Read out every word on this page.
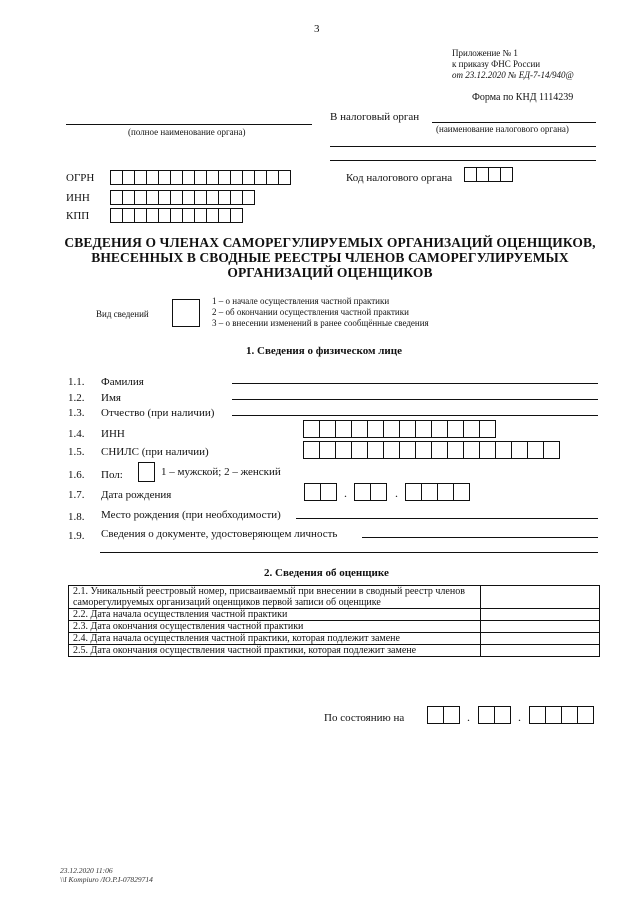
3
Приложение № 1
к приказу ФНС России
от 23.12.2020 № ЕД-7-14/940@
Форма по КНД 1114239
В налоговый орган
(наименование налогового органа)
(полное наименование органа)
ОГРН
ИНН
КПП
Код налогового органа
СВЕДЕНИЯ О ЧЛЕНАХ САМОРЕГУЛИРУЕМЫХ ОРГАНИЗАЦИЙ ОЦЕНЩИКОВ,
ВНЕСЕННЫХ В СВОДНЫЕ РЕЕСТРЫ ЧЛЕНОВ САМОРЕГУЛИРУЕМЫХ
ОРГАНИЗАЦИЙ ОЦЕНЩИКОВ
Вид сведений
1 – о начале осуществления частной практики
2 – об окончании осуществления частной практики
3 – о внесении изменений в ранее сообщённые сведения
1. Сведения о физическом лице
1.1. Фамилия
1.2. Имя
1.3. Отчество (при наличии)
1.4. ИНН
1.5. СНИЛС (при наличии)
1.6. Пол:	1 – мужской; 2 – женский
1.7. Дата рождения	.	.
1.8. Место рождения (при необходимости)
1.9. Сведения о документе, удостоверяющем личность
2. Сведения об оценщике
2.1. Уникальный реестровый номер, присваиваемый при внесении в сводный реестр членов саморегулируемых организаций оценщиков первой записи об оценщике	
2.2. Дата начала осуществления частной практики	
2.3. Дата окончания осуществления частной практики	
2.4. Дата начала осуществления частной практики, которая подлежит замене	
2.5. Дата окончания осуществления частной практики, которая подлежит замене	
По состоянию на	.	.
23.12.2020 11:06
\\I Kompiuro /IO.P.I-07829714
